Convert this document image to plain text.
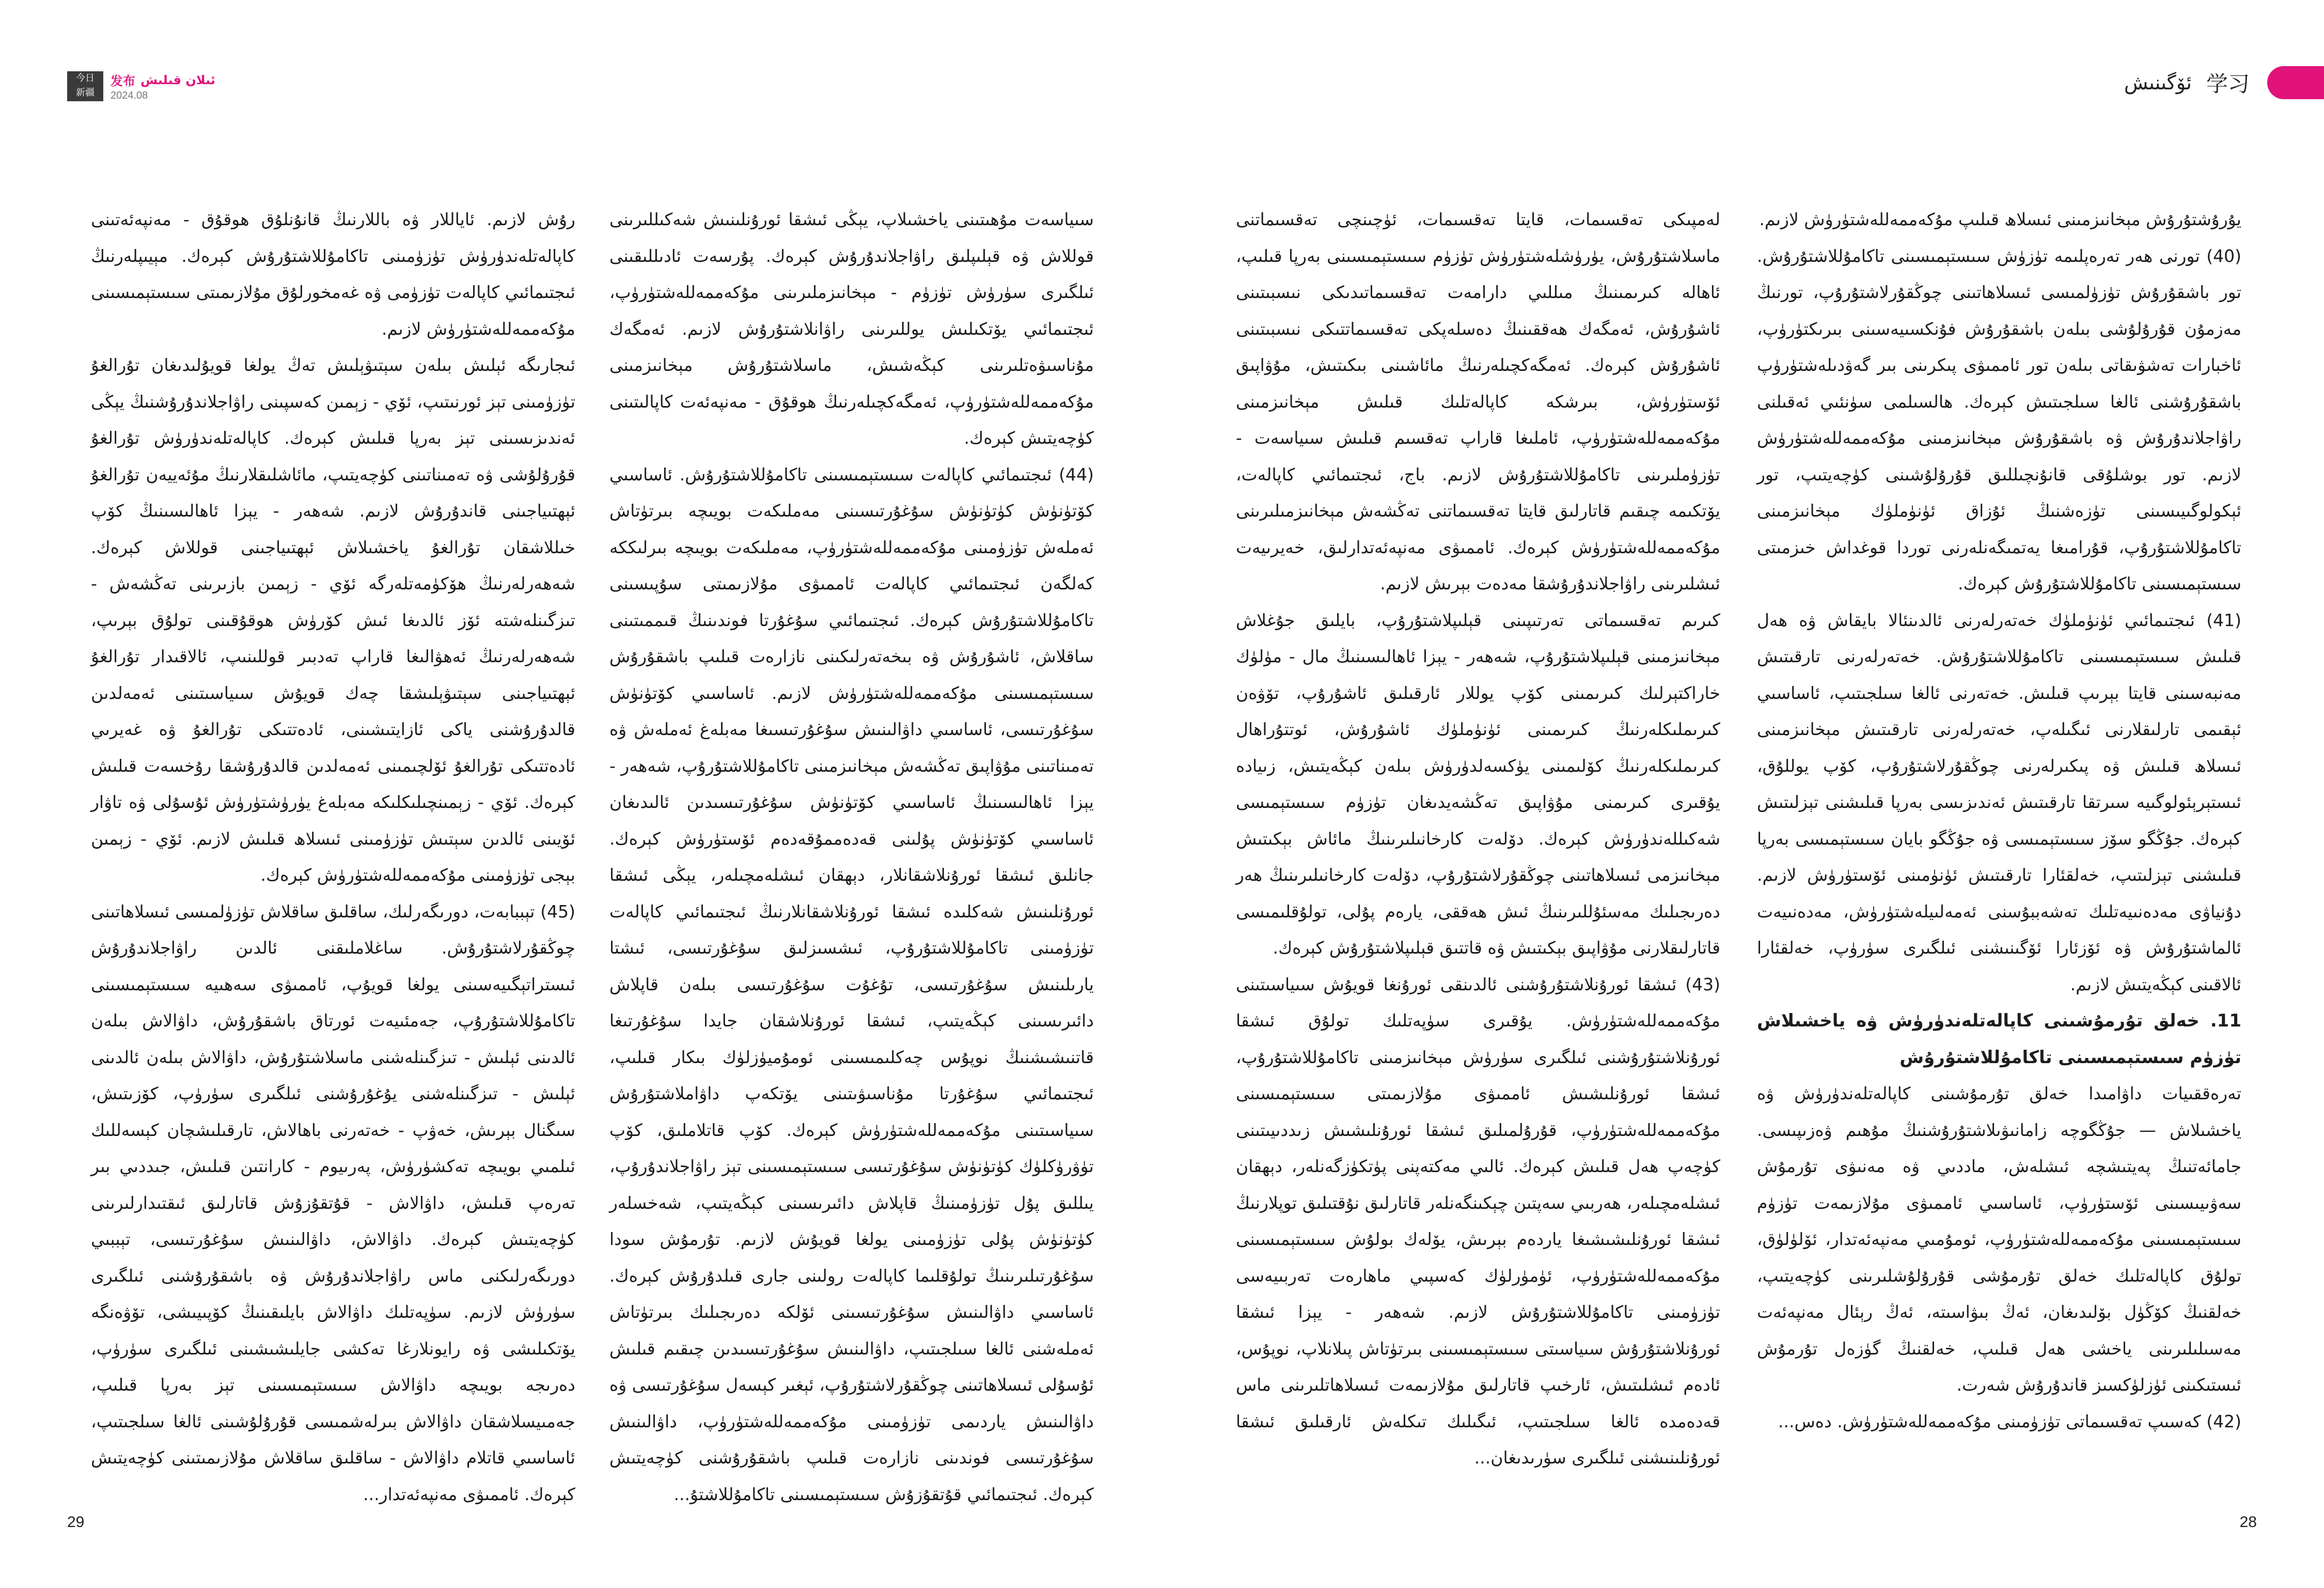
今日
新疆
发布 ئىلان قىلىش
2024.08	学习
ئۆگىنىش

يۇرۇشتۇرۇش مېخانىزمىنى ئىسلاھ قىلىپ مۇكەممەللەشتۈرۈش لازىم.

(40) تورنى ھەر تەرەپلىمە تۈزۈش سىستېمىسىنى تاكامۇللاشتۇرۇش. تور باشقۇرۇش تۈزۈلمىسى ئىسلاھاتىنى چوڭقۇرلاشتۇرۇپ، تورنىڭ مەزمۇن قۇرۇلۇشى بىلەن باشقۇرۇش فۇنكسىيەسىنى بىرىكتۈرۈپ، ئاخبارات تەشۋىقاتى بىلەن تور ئاممىۋى پىكرىنى بىر گەۋدىلەشتۈرۈپ باشقۇرۇشنى ئالغا سىلجىتىش كېرەك. ھالسىلمى سۈنئىي ئەقىلنى راۋاجلاندۇرۇش ۋە باشقۇرۇش مېخانىزمىنى مۇكەممەللەشتۈرۈش لازىم. تور بوشلۇقى قانۇنچىللىق قۇرۇلۇشىنى كۈچەيتىپ، تور ئېكولوگىيىسىنى تۈزەشنىڭ ئۇزاق ئۈنۈملۈك مېخانىزمىنى تاكامۇللاشتۇرۇپ، قۇرامىغا يەتمىگەنلەرنى توردا قوغداش خىزمىتى سىستېمىسىنى تاكامۇللاشتۇرۇش كېرەك.

(41) ئىجتىمائىي ئۈنۈملۈك خەتەرلەرنى ئالدىنئالا بايقاش ۋە ھەل قىلىش سىستېمىسىنى تاكامۇللاشتۇرۇش. خەتەرلەرنى تارقىتىش مەنبەسىنى قايتا بېرىپ قىلىش. خەتەرنى ئالغا سىلجىتىپ، ئاساسىي ئېقىمى تارلىقلارنى ئىگىلەپ، خەتەرلەرنى تارقىتىش مېخانىزمىنى ئىسلاھ قىلىش ۋە پىكىرلەرنى چوڭقۇرلاشتۇرۇپ، كۆپ يوللۇق، ئىستېرېئولوگىيە سىرتقا تارقىتىش ئەندىزىسى بەرپا قىلىشنى تېزلىتىش كېرەك. جۇڭگو سۆز سىستېمىسى ۋە جۇڭگو بايان سىستېمىسى بەرپا قىلىشنى تېزلىتىپ، خەلقئارا تارقىتىش ئۈنۈمىنى ئۆستۈرۈش لازىم. دۇنياۋى مەدەنىيەتلىك تەشەببۇسنى ئەمەلىيلەشتۈرۈش، مەدەنىيەت ئالماشتۇرۇش ۋە ئۆزئارا ئۆگىنىشنى ئىلگىرى سۈرۈپ، خەلقئارا ئالاقىنى كېڭەيتىش لازىم.

11. خەلق تۇرمۇشىنى كاپالەتلەندۈرۈش ۋە ياخشىلاش تۈزۈم سىستېمىسىنى تاكامۇللاشتۇرۇش

تەرەققىيات داۋامىدا خەلق تۇرمۇشىنى كاپالەتلەندۈرۈش ۋە ياخشىلاش — جۇڭگوچە زامانىۋىلاشتۇرۇشنىڭ مۇھىم ۋەزىپىسى. جامائەتنىڭ پەيتىشچە ئىشلەش، ماددىي ۋە مەنىۋى تۇرمۇش سەۋىيىسىنى ئۆستۈرۈپ، ئاساسىي ئاممىۋى مۇلازىمەت تۈزۈم سىستېمىسىنى مۇكەممەللەشتۈرۈپ، ئومۇمىي مەنپەئەتدار، ئۆلۈلۈق، تولۇق كاپالەتلىك خەلق تۇرمۇشى قۇرۇلۇشلىرىنى كۈچەيتىپ، خەلقنىڭ كۆڭۈل بۆلىدىغان، ئەڭ بىۋاسىتە، ئەڭ رېئال مەنپەئەت مەسىلىلىرىنى ياخشى ھەل قىلىپ، خەلقنىڭ گۈزەل تۇرمۇش ئىستىكىنى ئۈزلۈكسىز قاندۇرۇش شەرت.

(42) كەسىپ تەقسىماتى تۈزۈمىنى مۇكەممەللەشتۈرۈش. دەس...

لەمپىكى تەقسىمات، قايتا تەقسىمات، ئۈچىنچى تەقسىماتنى ماسلاشتۇرۇش، يۈرۈشلەشتۈرۈش تۈزۈم سىستېمىسىنى بەرپا قىلىپ، ئاھالە كىرىمىنىڭ مىللىي دارامەت تەقسىماتىدىكى نىسبىتىنى ئاشۇرۇش، ئەمگەك ھەققىنىڭ دەسلەپكى تەقسىماتتىكى نىسبىتىنى ئاشۇرۇش كېرەك. ئەمگەكچىلەرنىڭ مائاشىنى بىكىتىش، مۇۋاپىق ئۆستۈرۈش، بىرشكە كاپالەتلىك قىلىش مېخانىزمىنى مۇكەممەللەشتۈرۈپ، ئاملىغا قاراپ تەقسىم قىلىش سىياسەت - تۈزۈملىرىنى تاكامۇللاشتۇرۇش لازىم. باج، ئىجتىمائىي كاپالەت، يۆتكىمە چىقىم قاتارلىق قايتا تەقسىماتنى تەڭشەش مېخانىزمىلىرىنى مۇكەممەللەشتۈرۈش كېرەك. ئاممىۋى مەنپەئەتدارلىق، خەيرىيەت ئىشلىرىنى راۋاجلاندۇرۇشقا مەدەت بېرىش لازىم.

كىرىم تەقسىماتى تەرتىپىنى قېلىپلاشتۇرۇپ، بايلىق جۇغلاش مېخانىزمىنى قېلىپلاشتۇرۇپ، شەھەر - يېزا ئاھالىسىنىڭ مال - مۈلۈك خاراكتېرلىك كىرىمىنى كۆپ يوللار ئارقىلىق ئاشۇرۇپ، تۆۋەن كىرىملىكلەرنىڭ كىرىمىنى ئۈنۈملۈك ئاشۇرۇش، ئوتتۇراھال كىرىملىكلەرنىڭ كۆلىمىنى يۈكسەلدۈرۈش بىلەن كېڭەيتىش، زىيادە يۇقىرى كىرىمنى مۇۋاپىق تەڭشەيدىغان تۈزۈم سىستېمىسى شەكىللەندۈرۈش كېرەك. دۆلەت كارخانىلىرىنىڭ مائاش بېكىتىش مېخانىزمى ئىسلاھاتىنى چوڭقۇرلاشتۇرۇپ، دۆلەت كارخانىلىرىنىڭ ھەر دەرىجىلىك مەسئۇللىرىنىڭ ئىش ھەققى، يارەم پۇلى، تولۇقلىمىسى قاتارلىقلارنى مۇۋاپىق بېكىتىش ۋە قاتتىق قېلىپلاشتۇرۇش كېرەك.

(43) ئىشقا ئورۇنلاشتۇرۇشنى ئالدىنقى ئورۇنغا قويۇش سىياسىتىنى مۇكەممەللەشتۈرۈش. يۇقىرى سۈپەتلىك تولۇق ئىشقا ئورۇنلاشتۇرۇشنى ئىلگىرى سۈرۈش مېخانىزمىنى تاكامۇللاشتۇرۇپ، ئىشقا ئورۇنلىشىش ئاممىۋى مۇلازىمىتى سىستېمىسىنى مۇكەممەللەشتۈرۈپ، قۇرۇلمىلىق ئىشقا ئورۇنلىشىش زىددىيىتىنى كۈچەپ ھەل قىلىش كېرەك. ئالىي مەكتەپنى پۈتكۈزگەنلەر، دېھقان ئىشلەمچىلەر، ھەربىي سەپتىن چېكىنگەنلەر قاتارلىق نۇقتىلىق توپلارنىڭ ئىشقا ئورۇنلىشىشىغا ياردەم بېرىش، يۆلەك بولۇش سىستېمىسىنى مۇكەممەللەشتۈرۈپ، ئۈمۈرلۈك كەسپىي ماھارەت تەربىيەسى تۈزۈمىنى تاكامۇللاشتۇرۇش لازىم. شەھەر - يېزا ئىشقا ئورۇنلاشتۇرۇش سىياسىتى سىستېمىسىنى بىرتۈتاش پىلانلاپ، نوپۇس، ئادەم ئىشلىتىش، ئارخىپ قاتارلىق مۇلازىمەت ئىسلاھاتلىرىنى ماس قەدەمدە ئالغا سىلجىتىپ، ئىگىلىك تىكلەش ئارقىلىق ئىشقا ئورۇنلىنىشنى ئىلگىرى سۈرىدىغان...

سىياسەت مۇھىتىنى ياخشىلاپ، يېڭى ئىشقا ئورۇنلىنىش شەكىللىرىنى قوللاش ۋە قېلىپلىق راۋاجلاندۇرۇش كېرەك. پۇرسەت ئادىللىقىنى ئىلگىرى سۈرۈش تۈزۈم - مېخانىزملىرىنى مۇكەممەللەشتۈرۈپ، ئىجتىمائىي يۆتكىلىش يوللىرىنى راۋانلاشتۇرۇش لازىم. ئەمگەك مۇناسىۋەتلىرىنى كېڭەشىش، ماسلاشتۇرۇش مېخانىزمىنى مۇكەممەللەشتۈرۈپ، ئەمگەكچىلەرنىڭ ھوقۇق - مەنپەئەت كاپالىتىنى كۈچەيتىش كېرەك.

(44) ئىجتىمائىي كاپالەت سىستېمىسىنى تاكامۇللاشتۇرۇش. ئاساسىي كۆتۈنۈش كۈتۈنۈش سۇغۇرتىسىنى مەملىكەت بويىچە بىرتۈتاش ئەملەش تۈزۈمىنى مۇكەممەللەشتۈرۈپ، مەملىكەت بويىچە بىرلىككە كەلگەن ئىجتىمائىي كاپالەت ئاممىۋى مۇلازىمىتى سۇپىسىنى تاكامۇللاشتۇرۇش كېرەك. ئىجتىمائىي سۇغۇرتا فوندىنىڭ قىممىتىنى ساقلاش، ئاشۇرۇش ۋە بىخەتەرلىكىنى نازارەت قىلىپ باشقۇرۇش سىستېمىسىنى مۇكەممەللەشتۈرۈش لازىم. ئاساسىي كۆتۈنۈش سۇغۇرتىسى، ئاساسىي داۋالىنىش سۇغۇرتىسىغا مەبلەغ ئەملەش ۋە تەمىناتىنى مۇۋاپىق تەڭشەش مېخانىزمىنى تاكامۇللاشتۇرۇپ، شەھەر - يېزا ئاھالىسىنىڭ ئاساسىي كۆتۈنۈش سۇغۇرتىسىدىن ئالىدىغان ئاساسىي كۆتۈنۈش پۇلىنى قەدەممۇقەدەم ئۆستۈرۈش كېرەك. جانلىق ئىشقا ئورۇنلاشقانلار، دېھقان ئىشلەمچىلەر، يېڭى ئىشقا ئورۇنلىنىش شەكلىدە ئىشقا ئورۇنلاشقانلارنىڭ ئىجتىمائىي كاپالەت تۈزۈمىنى تاكامۇللاشتۇرۇپ، ئىشسىزلىق سۇغۇرتىسى، ئىشتا يارىلىنىش سۇغۇرتىسى، تۇغۇت سۇغۇرتىسى بىلەن قاپلاش دائىرىسىنى كېڭەيتىپ، ئىشقا ئورۇنلاشقان جايدا سۇغۇرتىغا قاتنىشىشنىڭ نوپۇس چەكلىمىسىنى ئومۇميۈزلۈك بىكار قىلىپ، ئىجتىمائىي سۇغۇرتا مۇناسىۋىتىنى يۆتكەپ داۋاملاشتۇرۇش سىياسىتىنى مۇكەممەللەشتۈرۈش كېرەك. كۆپ قاتلاملىق، كۆپ تۈۋرۈكلۈك كۈتۈنۈش سۇغۇرتىسى سىستېمىسىنى تېز راۋاجلاندۇرۇپ، يىللىق پۇل تۈزۈمىنىڭ قاپلاش دائىرىسىنى كېڭەيتىپ، شەخسلەر كۈتۈنۈش پۇلى تۈزۈمىنى يولغا قويۇش لازىم. تۇرمۇش سودا سۇغۇرتىلىرىنىڭ تولۇقلىما كاپالەت رولىنى جارى قىلدۇرۇش كېرەك. ئاساسىي داۋالىنىش سۇغۇرتىسىنى ئۆلكە دەرىجىلىك بىرتۈتاش ئەملەشنى ئالغا سىلجىتىپ، داۋالىنىش سۇغۇرتىسىدىن چىقىم قىلىش ئۇسۇلى ئىسلاھاتىنى چوڭقۇرلاشتۇرۇپ، ئېغىر كېسەل سۇغۇرتىسى ۋە داۋالىنىش ياردىمى تۈزۈمىنى مۇكەممەللەشتۈرۈپ، داۋالىنىش سۇغۇرتىسى فوندىنى نازارەت قىلىپ باشقۇرۇشنى كۈچەيتىش كېرەك. ئىجتىمائىي قۇتقۇزۇش سىستېمىسىنى تاكامۇللاشتۇ...

رۇش لازىم. ئاياللار ۋە باللارنىڭ قانۇنلۇق ھوقۇق - مەنپەئەتىنى كاپالەتلەندۈرۈش تۈزۈمىنى تاكامۇللاشتۇرۇش كېرەك. مېيىپلەرنىڭ ئىجتىمائىي كاپالەت تۈزۈمى ۋە غەمخورلۇق مۇلازىمىتى سىستېمىسىنى مۇكەممەللەشتۈرۈش لازىم.

ئىجارىگە ئېلىش بىلەن سېتىۋېلىش تەڭ يولغا قويۇلىدىغان تۇرالغۇ تۈزۈمىنى تېز ئورنىتىپ، ئۆي - زېمىن كەسپىنى راۋاجلاندۇرۇشنىڭ يېڭى ئەندىزىسىنى تېز بەرپا قىلىش كېرەك. كاپالەتلەندۈرۈش تۇرالغۇ قۇرۇلۇشى ۋە تەمىناتىنى كۈچەيتىپ، مائاشلىقلارنىڭ مۇئەييەن تۇرالغۇ ئېھتىياجىنى قاندۇرۇش لازىم. شەھەر - يېزا ئاھالىسىنىڭ كۆپ خىللاشقان تۇرالغۇ ياخشىلاش ئېھتىياجىنى قوللاش كېرەك. شەھەرلەرنىڭ ھۆكۈمەتلەرگە ئۆي - زېمىن بازىرىنى تەڭشەش - تىزگىنلەشتە ئۆز ئالدىغا ئىش كۆرۈش ھوقۇقىنى تولۇق بېرىپ، شەھەرلەرنىڭ ئەھۋالىغا قاراپ تەدبىر قوللىنىپ، ئالاقىدار تۇرالغۇ ئېھتىياجىنى سېتىۋېلىشقا چەك قويۇش سىياسىتىنى ئەمەلدىن قالدۇرۇشنى ياكى ئازايتىشىنى، ئادەتتىكى تۇرالغۇ ۋە غەيرىي ئادەتتىكى تۇرالغۇ ئۆلچىمىنى ئەمەلدىن قالدۇرۇشقا رۇخسەت قىلىش كېرەك. ئۆي - زېمىنچىلىكلىكە مەبلەغ يۈرۈشتۈرۈش ئۇسۇلى ۋە تاۋار ئۆيىنى ئالدىن سېتىش تۈزۈمىنى ئىسلاھ قىلىش لازىم. ئۆي - زېمىن بېجى تۈزۈمىنى مۇكەممەللەشتۈرۈش كېرەك.

(45) تېببابەت، دورىگەرلىك، ساقلىق ساقلاش تۈزۈلمىسى ئىسلاھاتىنى چوڭقۇرلاشتۇرۇش. ساغلاملىقنى ئالدىن راۋاجلاندۇرۇش ئىستراتېگىيەسىنى يولغا قويۇپ، ئاممىۋى سەھىيە سىستېمىسىنى تاكامۇللاشتۇرۇپ، جەمئىيەت ئورتاق باشقۇرۇش، داۋالاش بىلەن ئالدىنى ئېلىش - تىزگىنلەشنى ماسلاشتۇرۇش، داۋالاش بىلەن ئالدىنى ئېلىش - تىزگىنلەشنى يۇغۇرۇشنى ئىلگىرى سۈرۈپ، كۆزىتىش، سىگنال بېرىش، خەۋپ - خەتەرنى باھالاش، تارقىلىشچان كېسەللىك ئىلمىي بويىچە تەكشۈرۈش، پەرىيوم - كارانتىن قىلىش، جىددىي بىر تەرەپ قىلىش، داۋالاش - قۇتقۇزۇش قاتارلىق ئىقتىدارلىرىنى كۈچەيتىش كېرەك. داۋالاش، داۋالىنىش سۇغۇرتىسى، تېببىي دورىگەرلىكنى ماس راۋاجلاندۇرۇش ۋە باشقۇرۇشنى ئىلگىرى سۈرۈش لازىم. سۈپەتلىك داۋالاش بايلىقىنىڭ كۆپىيىشى، تۆۋەنگە يۆتكىلىشى ۋە رايونلارغا تەكشى جايلىشىشىنى ئىلگىرى سۈرۈپ، دەرىجە بويىچە داۋالاش سىستېمىسىنى تېز بەرپا قىلىپ، جەمىيسلاشقان داۋالاش بىرلەشمىسى قۇرۇلۇشىنى ئالغا سىلجىتىپ، ئاساسىي قاتلام داۋالاش - ساقلىق ساقلاش مۇلازىمىتىنى كۈچەيتىش كېرەك. ئاممىۋى مەنپەئەتدار...

29	28
